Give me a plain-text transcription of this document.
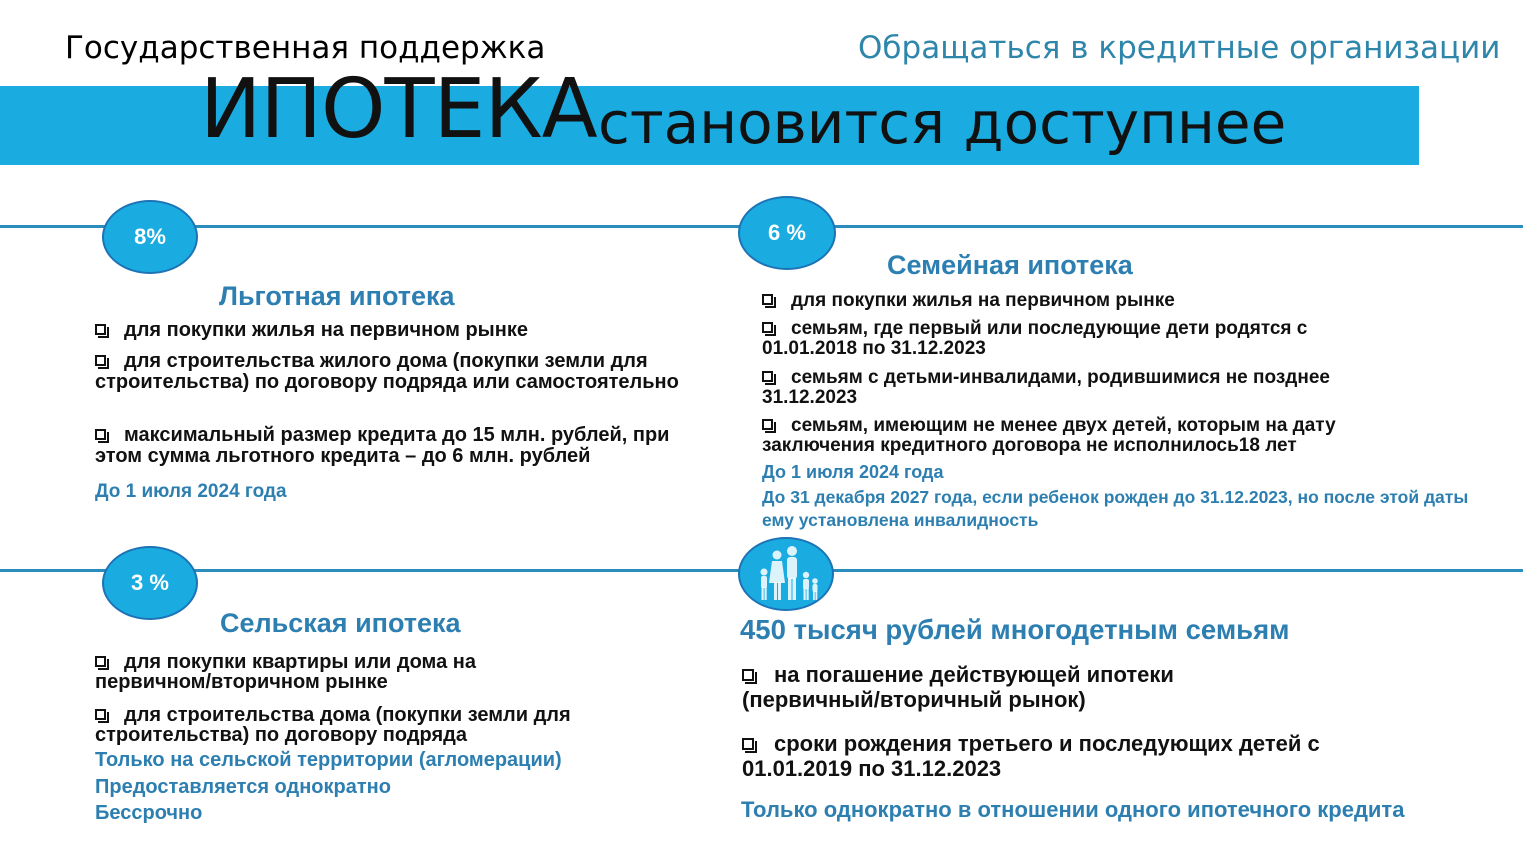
Государственная поддержка	Обращаться в кредитные организации
ИПОТЕКА становится доступнее
8%
Льготная ипотека
для покупки жилья на первичном рынке
для строительства жилого дома (покупки земли для строительства) по договору подряда или самостоятельно
максимальный размер кредита до 15 млн. рублей, при этом сумма льготного кредита – до 6 млн. рублей
До 1 июля 2024 года
6 %
Семейная ипотека
для покупки жилья на первичном рынке
семьям, где первый или последующие дети родятся с 01.01.2018 по 31.12.2023
семьям с детьми-инвалидами, родившимися не позднее 31.12.2023
семьям, имеющим не менее двух детей, которым на дату заключения кредитного договора не исполнилось18 лет
До 1 июля 2024 года
До 31 декабря 2027 года, если ребенок рожден до 31.12.2023, но после этой даты ему установлена инвалидность
3 %
Сельская ипотека
для покупки квартиры или дома на первичном/вторичном рынке
для строительства дома (покупки земли для строительства) по договору подряда
Только на сельской территории (агломерации)
Предоставляется однократно
Бессрочно
450 тысяч рублей многодетным семьям
на погашение действующей ипотеки (первичный/вторичный рынок)
сроки рождения третьего и последующих детей с 01.01.2019 по 31.12.2023
Только однократно в отношении одного ипотечного кредита
